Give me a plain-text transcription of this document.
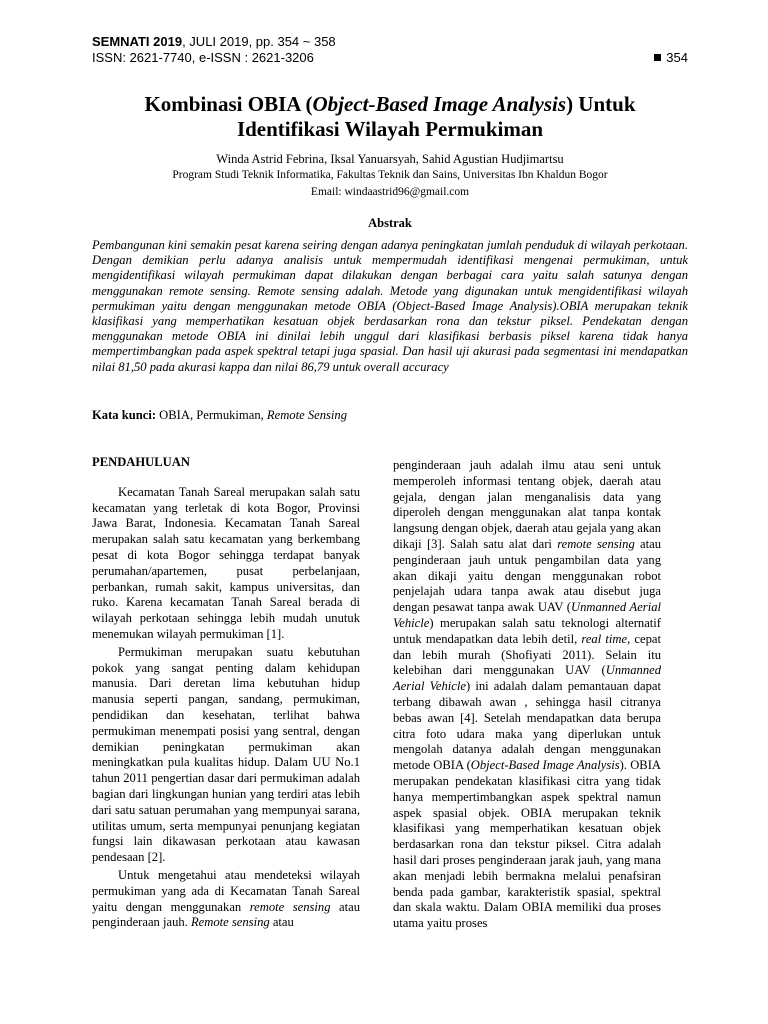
SEMNATI 2019, JULI 2019, pp. 354 ~ 358
ISSN: 2621-7740, e-ISSN : 2621-3206	354
Kombinasi OBIA (Object-Based Image Analysis) Untuk
Identifikasi Wilayah Permukiman
Winda Astrid Febrina, Iksal Yanuarsyah, Sahid Agustian Hudjimartsu
Program Studi Teknik Informatika, Fakultas Teknik dan Sains, Universitas Ibn Khaldun Bogor
Email: windaastrid96@gmail.com
Abstrak
Pembangunan kini semakin pesat karena seiring dengan adanya peningkatan jumlah penduduk di wilayah perkotaan. Dengan demikian perlu adanya analisis untuk mempermudah identifikasi mengenai permukiman, untuk mengidentifikasi wilayah permukiman dapat dilakukan dengan berbagai cara yaitu salah satunya dengan menggunakan remote sensing. Remote sensing adalah. Metode yang digunakan untuk mengidentifikasi wilayah permukiman yaitu dengan menggunakan metode OBIA (Object-Based Image Analysis).OBIA merupakan teknik klasifikasi yang memperhatikan kesatuan objek berdasarkan rona dan tekstur piksel. Pendekatan dengan menggunakan metode OBIA ini dinilai lebih unggul dari klasifikasi berbasis piksel karena tidak hanya mempertimbangkan pada aspek spektral tetapi juga spasial. Dan hasil uji akurasi pada segmentasi ini mendapatkan nilai 81,50 pada akurasi kappa dan nilai 86,79 untuk overall accuracy
Kata kunci: OBIA, Permukiman, Remote Sensing
PENDAHULUAN

Kecamatan Tanah Sareal merupakan salah satu kecamatan yang terletak di kota Bogor, Provinsi Jawa Barat, Indonesia. Kecamatan Tanah Sareal merupakan salah satu kecamatan yang berkembang pesat di kota Bogor sehingga terdapat banyak perumahan/apartemen, pusat perbelanjaan, perbankan, rumah sakit, kampus universitas, dan ruko. Karena kecamatan Tanah Sareal berada di wilayah perkotaan sehingga lebih mudah unutuk menemukan wilayah permukiman [1].

Permukiman merupakan suatu kebutuhan pokok yang sangat penting dalam kehidupan manusia. Dari deretan lima kebutuhan hidup manusia seperti pangan, sandang, permukiman, pendidikan dan kesehatan, terlihat bahwa permukiman menempati posisi yang sentral, dengan demikian peningkatan permukiman akan meningkatkan pula kualitas hidup. Dalam UU No.1 tahun 2011 pengertian dasar dari permukiman adalah bagian dari lingkungan hunian yang terdiri atas lebih dari satu satuan perumahan yang mempunyai sarana, utilitas umum, serta mempunyai penunjang kegiatan fungsi lain dikawasan perkotaan atau kawasan pendesaan [2].

Untuk mengetahui atau mendeteksi wilayah permukiman yang ada di Kecamatan Tanah Sareal yaitu dengan menggunakan remote sensing atau penginderaan jauh. Remote sensing atau

penginderaan jauh adalah ilmu atau seni untuk memperoleh informasi tentang objek, daerah atau gejala, dengan jalan menganalisis data yang diperoleh dengan menggunakan alat tanpa kontak langsung dengan objek, daerah atau gejala yang akan dikaji [3]. Salah satu alat dari remote sensing atau penginderaan jauh untuk pengambilan data yang akan dikaji yaitu dengan menggunakan robot penjelajah udara tanpa awak atau disebut juga dengan pesawat tanpa awak UAV (Unmanned Aerial Vehicle) merupakan salah satu teknologi alternatif untuk mendapatkan data lebih detil, real time, cepat dan lebih murah (Shofiyati 2011). Selain itu kelebihan dari menggunakan UAV (Unmanned Aerial Vehicle) ini adalah dalam pemantauan dapat terbang dibawah awan , sehingga hasil citranya bebas awan [4]. Setelah mendapatkan data berupa citra foto udara maka yang diperlukan untuk mengolah datanya adalah dengan menggunakan metode OBIA (Object-Based Image Analysis). OBIA merupakan pendekatan klasifikasi citra yang tidak hanya mempertimbangkan aspek spektral namun aspek spasial objek. OBIA merupakan teknik klasifikasi yang memperhatikan kesatuan objek berdasarkan rona dan tekstur piksel. Citra adalah hasil dari proses penginderaan jarak jauh, yang mana akan menjadi lebih bermakna melalui penafsiran benda pada gambar, karakteristik spasial, spektral dan skala waktu. Dalam OBIA memiliki dua proses utama yaitu proses
